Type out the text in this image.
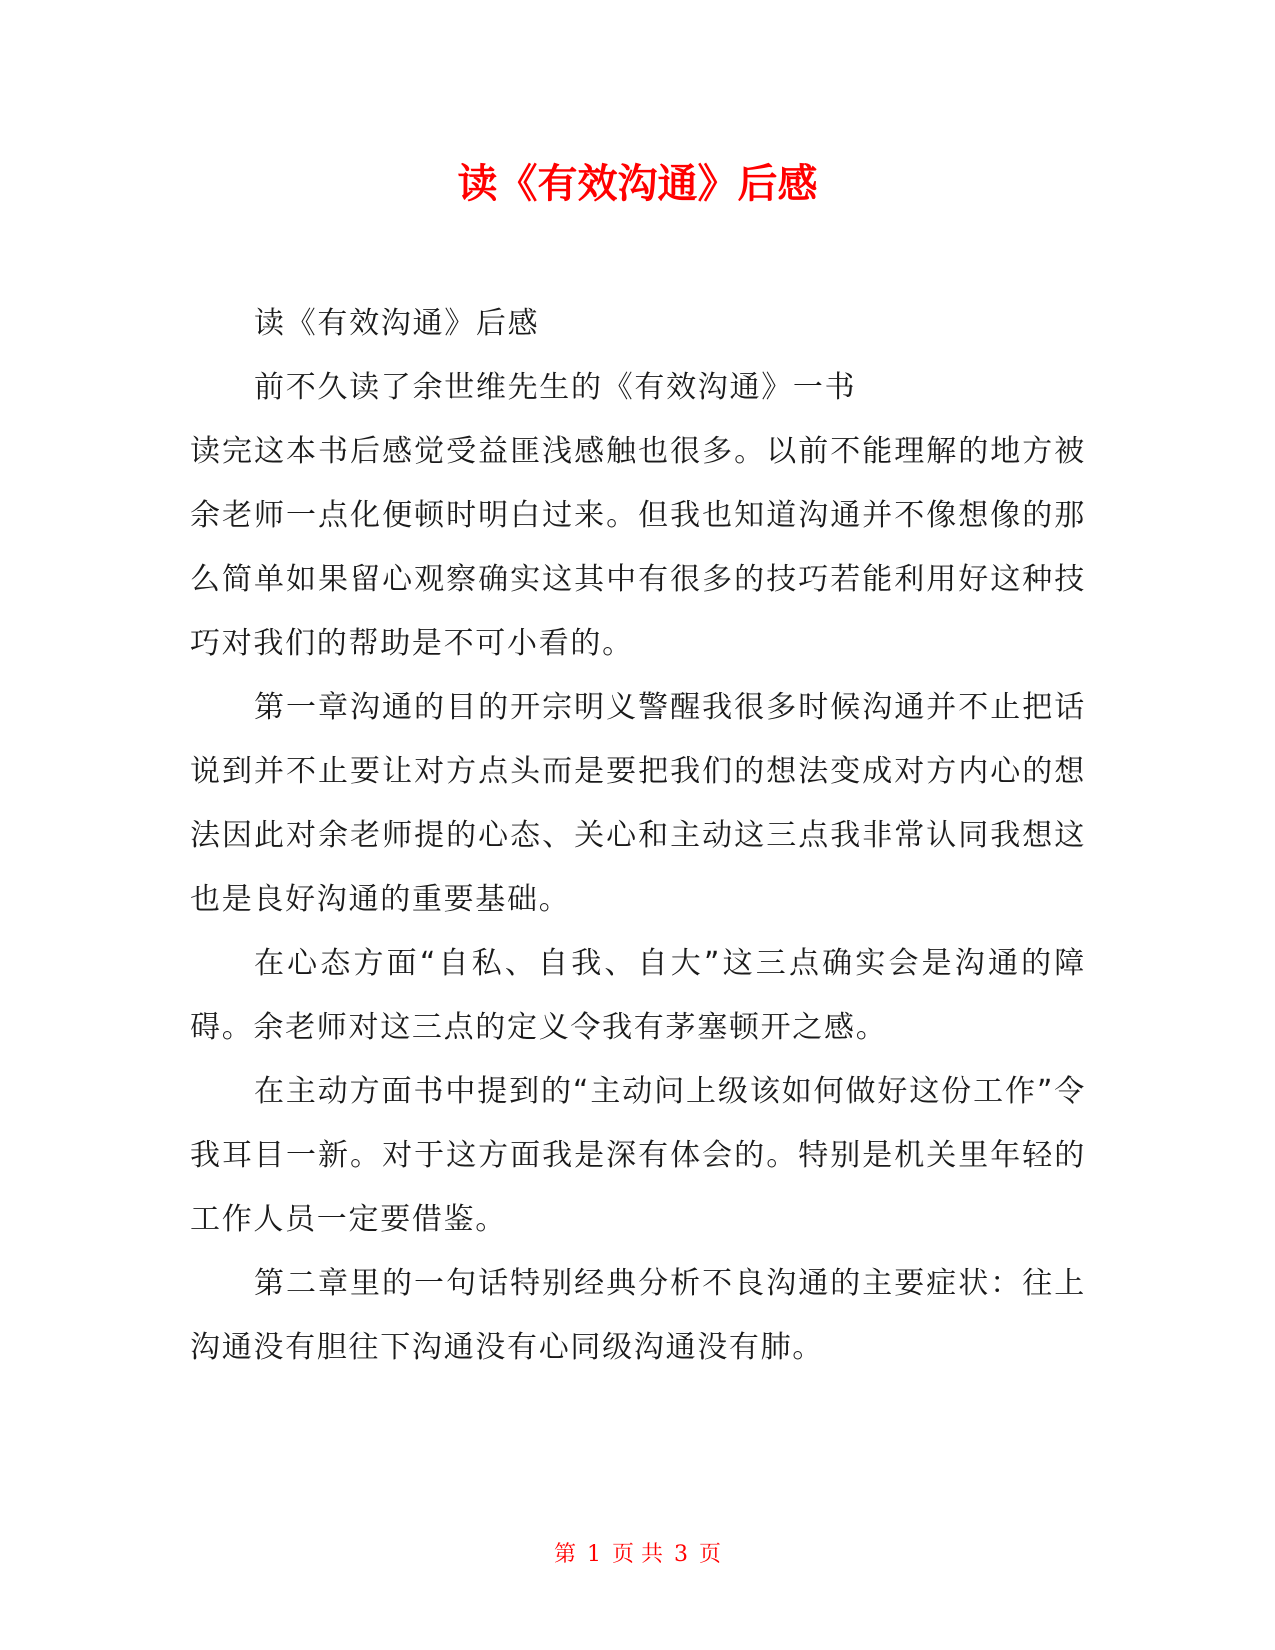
读《有效沟通》后感

读《有效沟通》后感

前不久读了余世维先生的《有效沟通》一书

读完这本书后感觉受益匪浅感触也很多。以前不能理解的地方被余老师一点化便顿时明白过来。但我也知道沟通并不像想像的那么简单如果留心观察确实这其中有很多的技巧若能利用好这种技巧对我们的帮助是不可小看的。

第一章沟通的目的开宗明义警醒我很多时候沟通并不止把话说到并不止要让对方点头而是要把我们的想法变成对方内心的想法因此对余老师提的心态、关心和主动这三点我非常认同我想这也是良好沟通的重要基础。

在心态方面“自私、自我、自大”这三点确实会是沟通的障碍。余老师对这三点的定义令我有茅塞顿开之感。

在主动方面书中提到的“主动问上级该如何做好这份工作”令我耳目一新。对于这方面我是深有体会的。特别是机关里年轻的工作人员一定要借鉴。

第二章里的一句话特别经典分析不良沟通的主要症状：往上沟通没有胆往下沟通没有心同级沟通没有肺。

第 1 页 共 3 页
